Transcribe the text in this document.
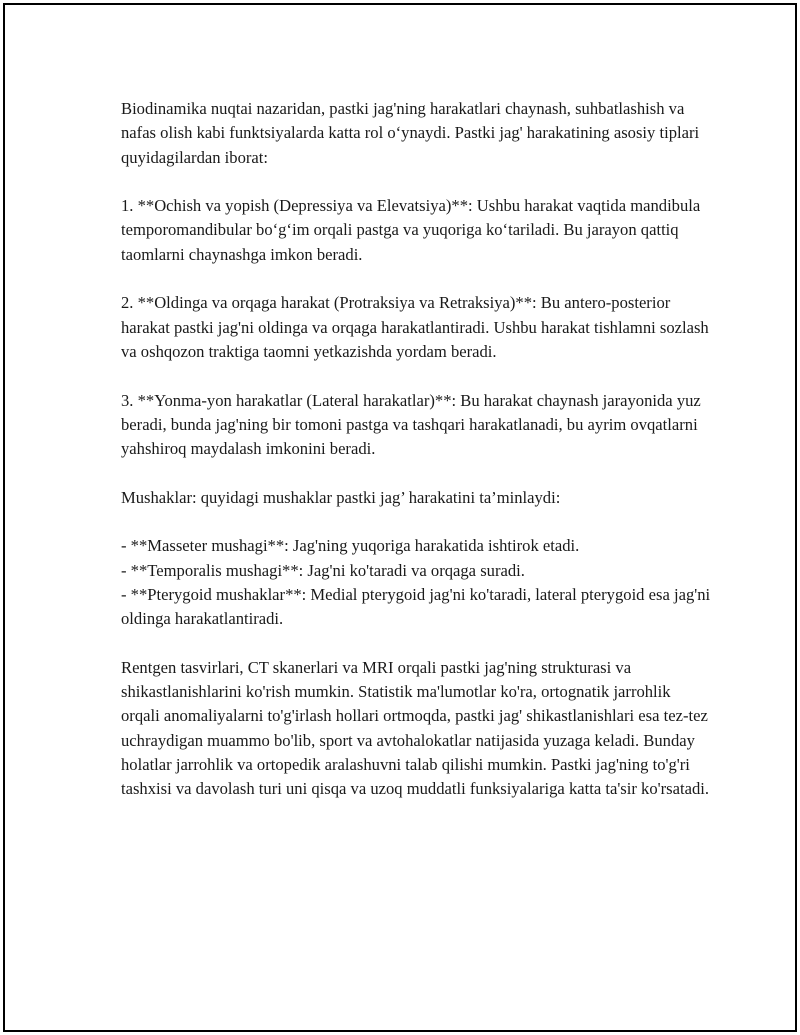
Biodinamika nuqtai nazaridan, pastki jag'ning harakatlari chaynash, suhbatlashish va nafas olish kabi funktsiyalarda katta rol o‘ynaydi. Pastki jag' harakatining asosiy tiplari quyidagilardan iborat:

1. **Ochish va yopish (Depressiya va Elevatsiya)**: Ushbu harakat vaqtida mandibula temporomandibular bo‘g‘im orqali pastga va yuqoriga ko‘tariladi. Bu jarayon qattiq taomlarni chaynashga imkon beradi.

2. **Oldinga va orqaga harakat (Protraksiya va Retraksiya)**: Bu antero-posterior harakat pastki jag'ni oldinga va orqaga harakatlantiradi. Ushbu harakat tishlamni sozlash va oshqozon traktiga taomni yetkazishda yordam beradi.

3. **Yonma-yon harakatlar (Lateral harakatlar)**: Bu harakat chaynash jarayonida yuz beradi, bunda jag'ning bir tomoni pastga va tashqari harakatlanadi, bu ayrim ovqatlarni yahshiroq maydalash imkonini beradi.

Mushaklar: quyidagi mushaklar pastki jag’ harakatini ta’minlaydi:

- **Masseter mushagi**: Jag'ning yuqoriga harakatida ishtirok etadi.

- **Temporalis mushagi**: Jag'ni ko'taradi va orqaga suradi.

- **Pterygoid mushaklar**: Medial pterygoid jag'ni ko'taradi, lateral pterygoid esa jag'ni oldinga harakatlantiradi.

Rentgen tasvirlari, CT skanerlari va MRI orqali pastki jag'ning strukturasi va shikastlanishlarini ko'rish mumkin. Statistik ma'lumotlar ko'ra, ortognatik jarrohlik orqali anomaliyalarni to'g'irlash hollari ortmoqda, pastki jag' shikastlanishlari esa tez-tez uchraydigan muammo bo'lib, sport va avtohalokatlar natijasida yuzaga keladi. Bunday holatlar jarrohlik va ortopedik aralashuvni talab qilishi mumkin. Pastki jag'ning to'g'ri tashxisi va davolash turi uni qisqa va uzoq muddatli funksiyalariga katta ta'sir ko'rsatadi.
